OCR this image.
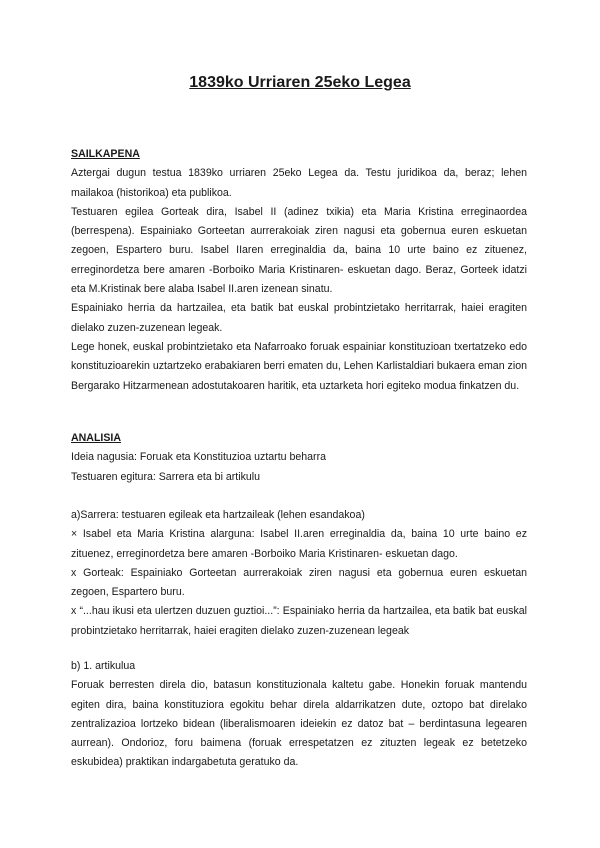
1839ko Urriaren 25eko Legea
SAILKAPENA

Aztergai dugun testua 1839ko urriaren 25eko Legea da. Testu juridikoa da, beraz; lehen mailakoa (historikoa) eta publikoa.

Testuaren egilea Gorteak dira, Isabel II (adinez txikia) eta Maria Kristina erreginaordea (berrespena). Espainiako Gorteetan aurrerakoiak ziren nagusi eta gobernua euren eskuetan zegoen, Espartero buru. Isabel IIaren erreginaldia da, baina 10 urte baino ez zituenez, erreginordetza bere amaren -Borboiko Maria Kristinaren- eskuetan dago. Beraz, Gorteek idatzi eta M.Kristinak bere alaba Isabel II.aren izenean sinatu.

Espainiako herria da hartzailea, eta batik bat euskal probintzietako herritarrak, haiei eragiten dielako zuzen-zuzenean legeak.

Lege honek, euskal probintzietako eta Nafarroako foruak espainiar konstituzioan txertatzeko edo konstituzioarekin uztartzeko erabakiaren berri ematen du, Lehen Karlistaldiari bukaera eman zion Bergarako Hitzarmenean adostutakoaren haritik, eta uztarketa hori egiteko modua finkatzen du.

ANALISIA

Ideia nagusia: Foruak eta Konstituzioa uztartu beharra

Testuaren egitura: Sarrera eta bi artikulu

a)Sarrera: testuaren egileak eta hartzaileak (lehen esandakoa)

× Isabel eta Maria Kristina alarguna: Isabel II.aren erreginaldia da, baina 10 urte baino ez zituenez, erreginordetza bere amaren -Borboiko Maria Kristinaren- eskuetan dago.

x Gorteak: Espainiako Gorteetan aurrerakoiak ziren nagusi eta gobernua euren eskuetan zegoen, Espartero buru.

x “...hau ikusi eta ulertzen duzuen guztioi...”: Espainiako herria da hartzailea, eta batik bat euskal probintzietako herritarrak, haiei eragiten dielako zuzen-zuzenean legeak

b) 1. artikulua

Foruak berresten direla dio, batasun konstituzionala kaltetu gabe. Honekin foruak mantendu egiten dira, baina konstituziora egokitu behar direla aldarrikatzen dute, oztopo bat direlako zentralizazioa lortzeko bidean (liberalismoaren ideiekin ez datoz bat – berdintasuna legearen aurrean). Ondorioz, foru baimena (foruak errespetatzen ez zituzten legeak ez betetzeko eskubidea) praktikan indargabetuta geratuko da.
